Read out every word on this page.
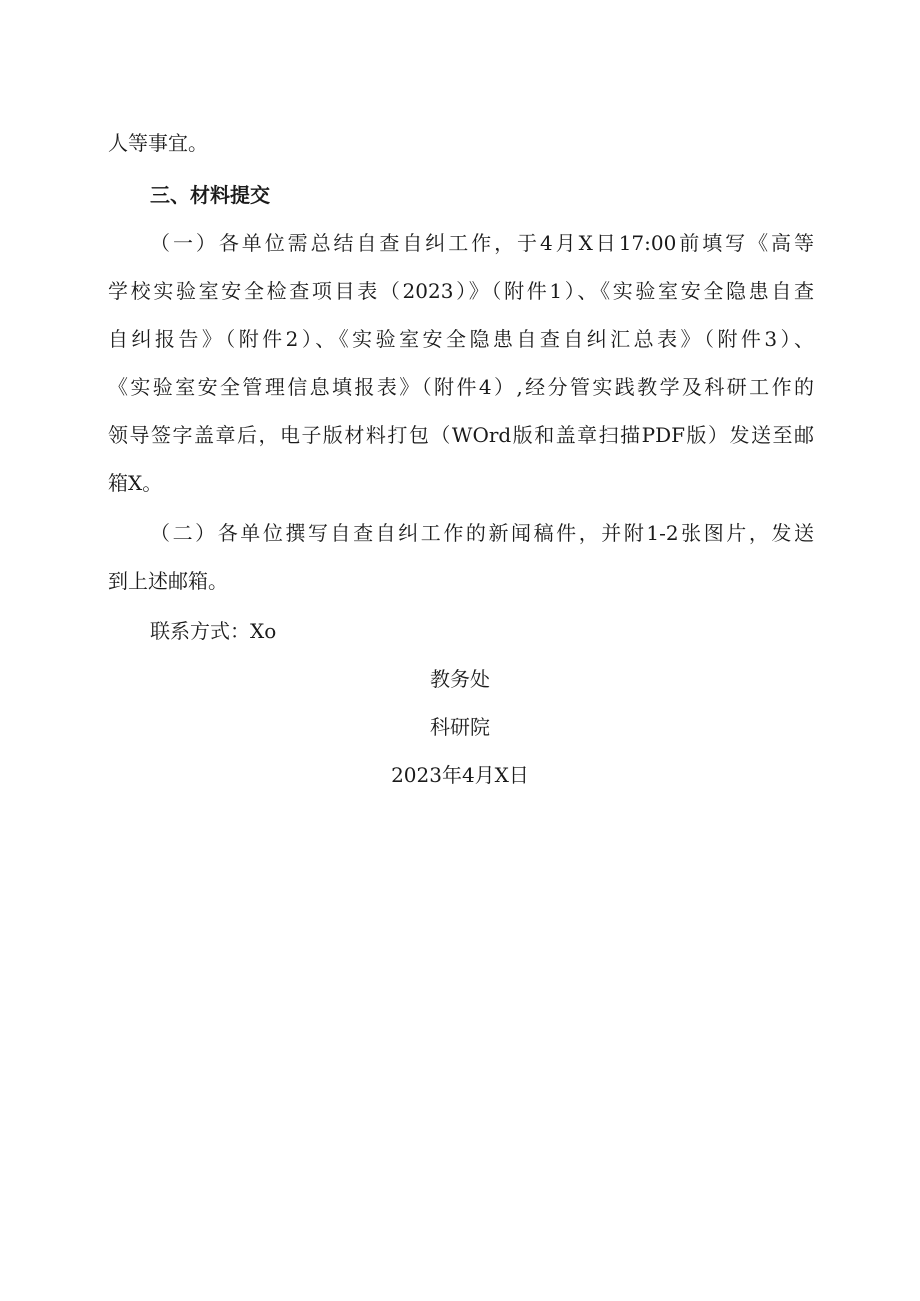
人等事宜。
三、材料提交
（一）各单位需总结自查自纠工作，于4月X日17:00前填写《高等
学校实验室安全检查项目表（2023）》（附件1）、《实验室安全隐患自查
自纠报告》（附件2）、《实验室安全隐患自查自纠汇总表》（附件3）、
《实验室安全管理信息填报表》（附件4）,经分管实践教学及科研工作的
领导签字盖章后，电子版材料打包（WOrd版和盖章扫描PDF版）发送至邮
箱X。
（二）各单位撰写自查自纠工作的新闻稿件，并附1-2张图片，发送
到上述邮箱。
联系方式：Xo
教务处
科研院
2023年4月X日
